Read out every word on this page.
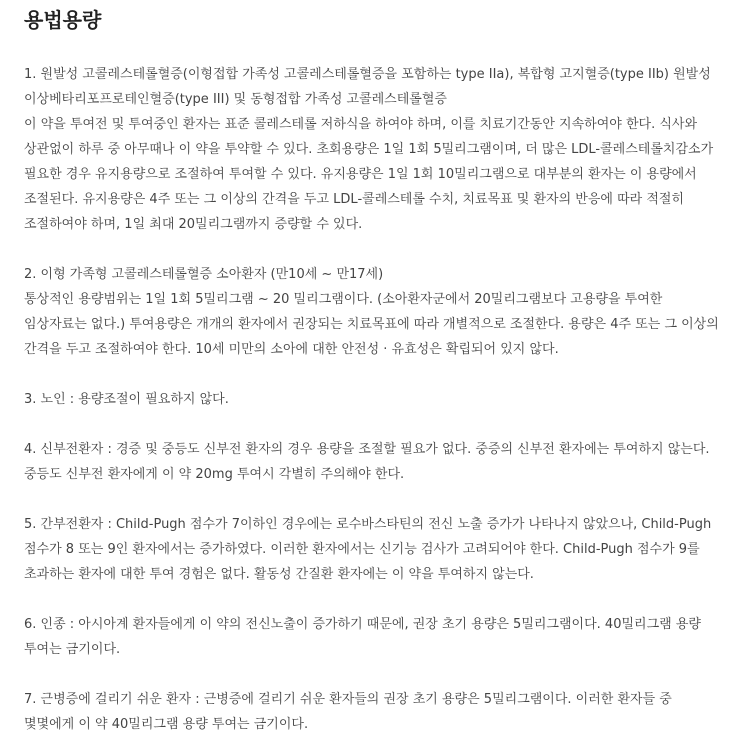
용법용량

1. 원발성 고콜레스테롤혈증(이형접합 가족성 고콜레스테롤혈증을 포함하는 type IIa), 복합형 고지혈증(type IIb) 원발성 이상베타리포프로테인혈증(type III) 및 동형접합 가족성 고콜레스테롤혈증

이 약을 투여전 및 투여중인 환자는 표준 콜레스테롤 저하식을 하여야 하며, 이를 치료기간동안 지속하여야 한다. 식사와 상관없이 하루 중 아무때나 이 약을 투약할 수 있다. 초회용량은 1일 1회 5밀리그램이며, 더 많은 LDL-콜레스테롤치감소가 필요한 경우 유지용량으로 조절하여 투여할 수 있다. 유지용량은 1일 1회 10밀리그램으로 대부분의 환자는 이 용량에서 조절된다. 유지용량은 4주 또는 그 이상의 간격을 두고 LDL-콜레스테롤 수치, 치료목표 및 환자의 반응에 따라 적절히 조절하여야 하며, 1일 최대 20밀리그램까지 증량할 수 있다.

2. 이형 가족형 고콜레스테롤혈증 소아환자 (만10세 ~ 만17세)

통상적인 용량범위는 1일 1회 5밀리그램 ~ 20 밀리그램이다. (소아환자군에서 20밀리그램보다 고용량을 투여한 임상자료는 없다.) 투여용량은 개개의 환자에서 권장되는 치료목표에 따라 개별적으로 조절한다. 용량은 4주 또는 그 이상의 간격을 두고 조절하여야 한다. 10세 미만의 소아에 대한 안전성 · 유효성은 확립되어 있지 않다.

3. 노인 : 용량조절이 필요하지 않다.

4. 신부전환자 : 경증 및 중등도 신부전 환자의 경우 용량을 조절할 필요가 없다. 중증의 신부전 환자에는 투여하지 않는다. 중등도 신부전 환자에게 이 약 20mg 투여시 각별히 주의해야 한다.

5. 간부전환자 : Child-Pugh 점수가 7이하인 경우에는 로수바스타틴의 전신 노출 증가가 나타나지 않았으나, Child-Pugh 점수가 8 또는 9인 환자에서는 증가하였다. 이러한 환자에서는 신기능 검사가 고려되어야 한다. Child-Pugh 점수가 9를 초과하는 환자에 대한 투여 경험은 없다. 활동성 간질환 환자에는 이 약을 투여하지 않는다.

6. 인종 : 아시아계 환자들에게 이 약의 전신노출이 증가하기 때문에, 권장 초기 용량은 5밀리그램이다. 40밀리그램 용량 투여는 금기이다.

7. 근병증에 걸리기 쉬운 환자 : 근병증에 걸리기 쉬운 환자들의 권장 초기 용량은 5밀리그램이다. 이러한 환자들 중 몇몇에게 이 약 40밀리그램 용량 투여는 금기이다.
